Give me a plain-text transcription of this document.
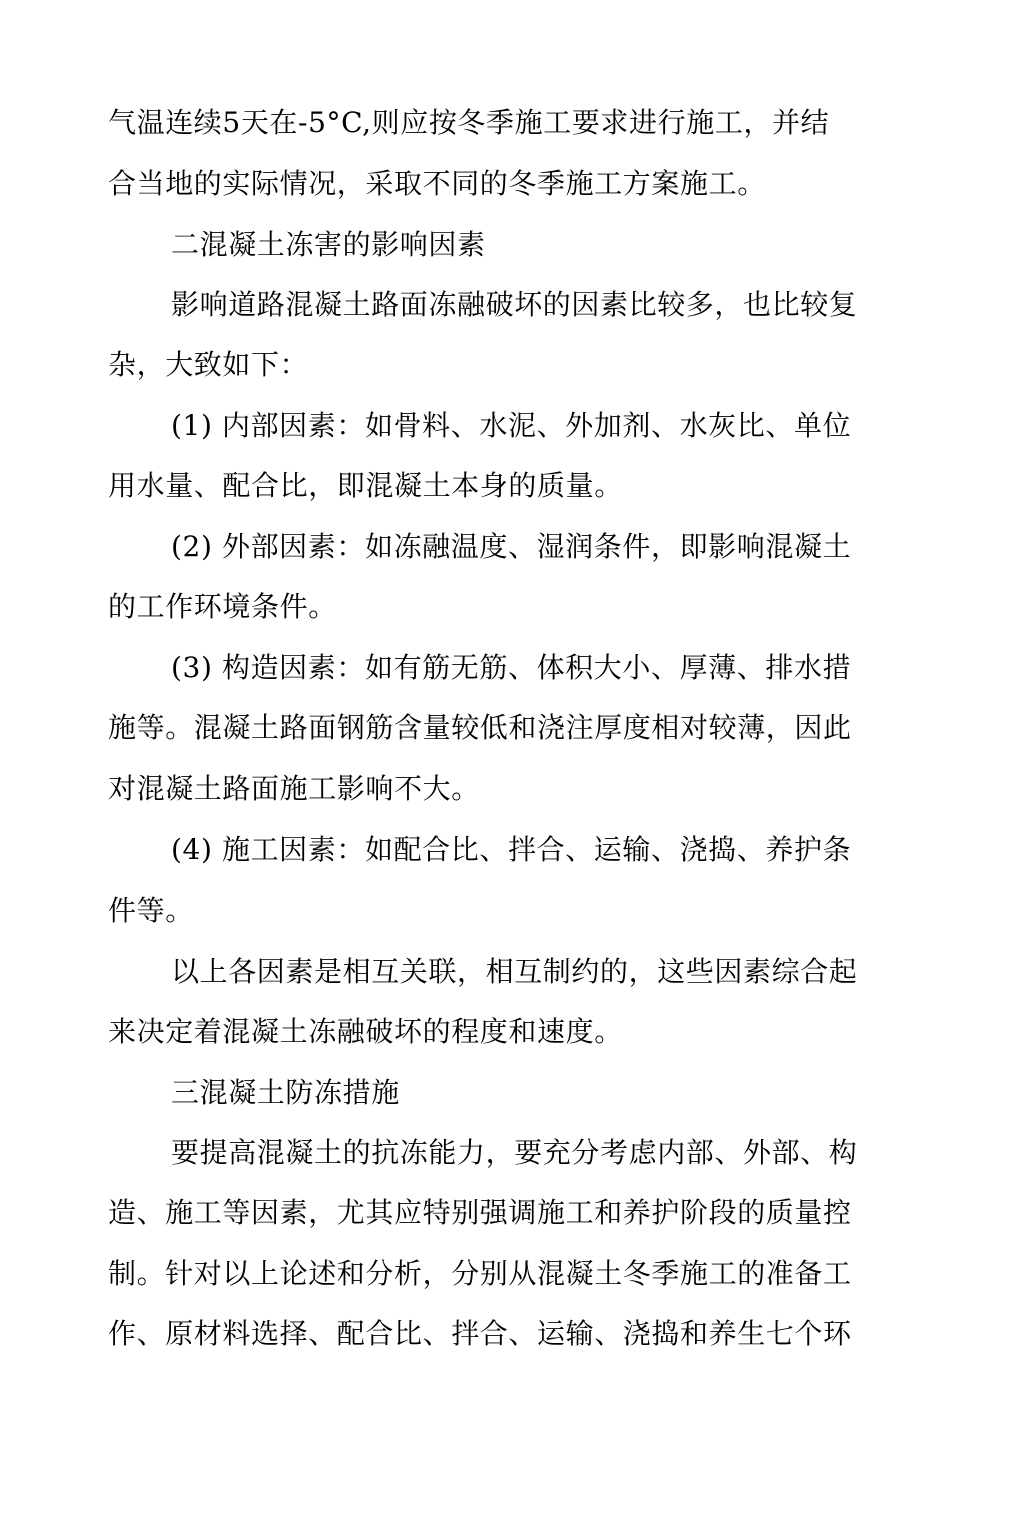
气温连续5天在-5°C,则应按冬季施工要求进行施工，并结
合当地的实际情况，采取不同的冬季施工方案施工。
二混凝土冻害的影响因素
影响道路混凝土路面冻融破坏的因素比较多，也比较复
杂，大致如下：
(1) 内部因素：如骨料、水泥、外加剂、水灰比、单位
用水量、配合比，即混凝土本身的质量。
(2) 外部因素：如冻融温度、湿润条件，即影响混凝土
的工作环境条件。
(3) 构造因素：如有筋无筋、体积大小、厚薄、排水措
施等。混凝土路面钢筋含量较低和浇注厚度相对较薄，因此
对混凝土路面施工影响不大。
(4) 施工因素：如配合比、拌合、运输、浇捣、养护条
件等。
以上各因素是相互关联，相互制约的，这些因素综合起
来决定着混凝土冻融破坏的程度和速度。
三混凝土防冻措施
要提高混凝土的抗冻能力，要充分考虑内部、外部、构
造、施工等因素，尤其应特别强调施工和养护阶段的质量控
制。针对以上论述和分析，分别从混凝土冬季施工的准备工
作、原材料选择、配合比、拌合、运输、浇捣和养生七个环
